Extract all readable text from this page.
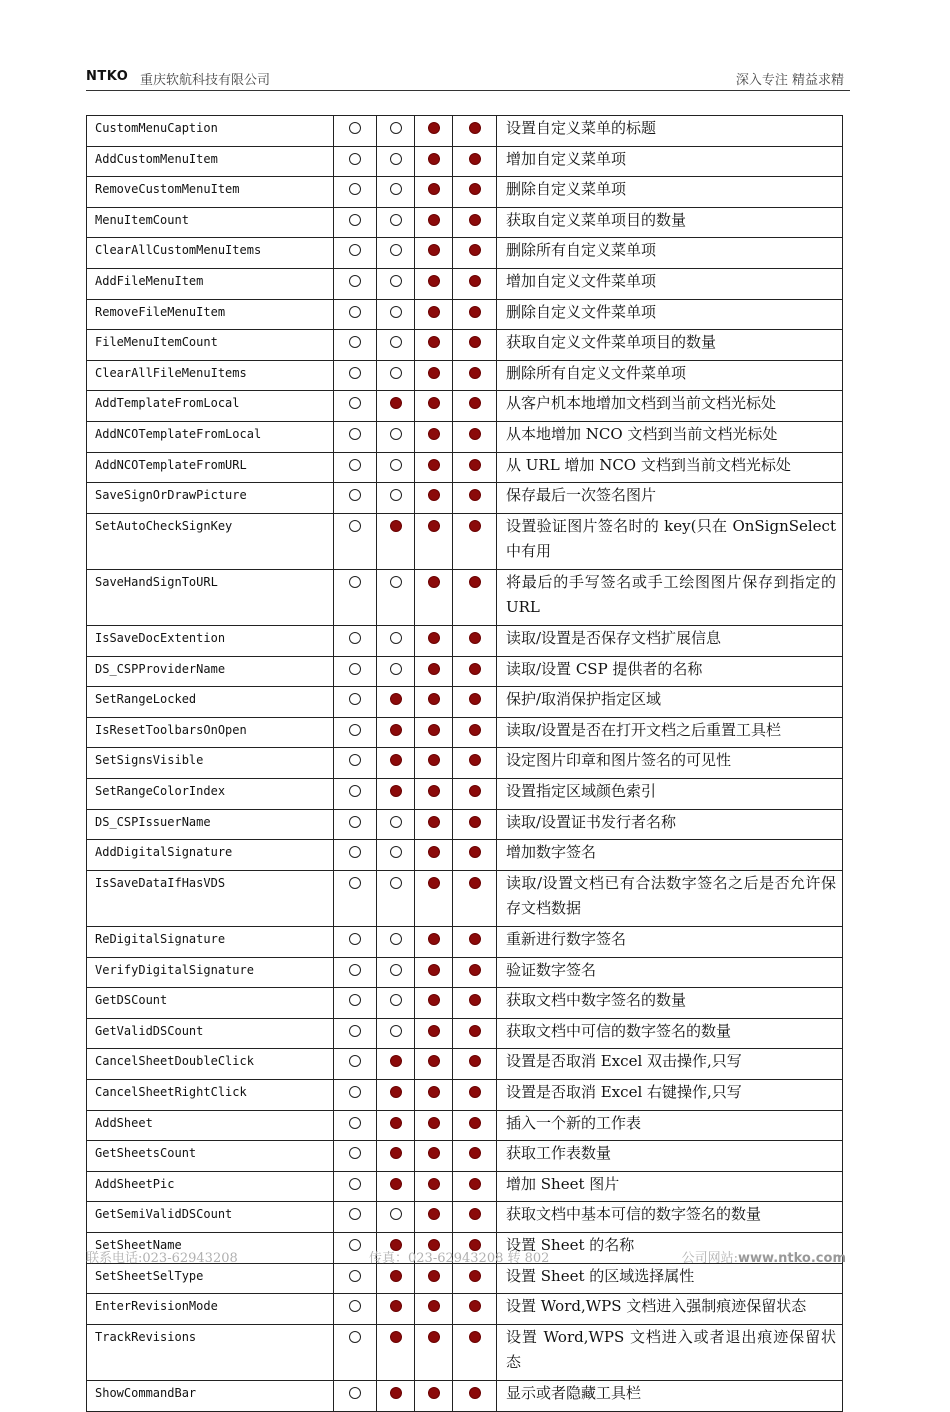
NTKO 重庆软航科技有限公司	深入专注 精益求精
CustomMenuCaption					设置自定义菜单的标题
AddCustomMenuItem					增加自定义菜单项
RemoveCustomMenuItem					删除自定义菜单项
MenuItemCount					获取自定义菜单项目的数量
ClearAllCustomMenuItems					删除所有自定义菜单项
AddFileMenuItem					增加自定义文件菜单项
RemoveFileMenuItem					删除自定义文件菜单项
FileMenuItemCount					获取自定义文件菜单项目的数量
ClearAllFileMenuItems					删除所有自定义文件菜单项
AddTemplateFromLocal					从客户机本地增加文档到当前文档光标处
AddNCOTemplateFromLocal					从本地增加 NCO 文档到当前文档光标处
AddNCOTemplateFromURL					从 URL 增加 NCO 文档到当前文档光标处
SaveSignOrDrawPicture					保存最后一次签名图片
SetAutoCheckSignKey					设置验证图片签名时的 key(只在 OnSignSelect 中有用
SaveHandSignToURL					将最后的手写签名或手工绘图图片保存到指定的 URL
IsSaveDocExtention					读取/设置是否保存文档扩展信息
DS_CSPProviderName					读取/设置 CSP 提供者的名称
SetRangeLocked					保护/取消保护指定区域
IsResetToolbarsOnOpen					读取/设置是否在打开文档之后重置工具栏
SetSignsVisible					设定图片印章和图片签名的可见性
SetRangeColorIndex					设置指定区域颜色索引
DS_CSPIssuerName					读取/设置证书发行者名称
AddDigitalSignature					增加数字签名
IsSaveDataIfHasVDS					读取/设置文档已有合法数字签名之后是否允许保存文档数据
ReDigitalSignature					重新进行数字签名
VerifyDigitalSignature					验证数字签名
GetDSCount					获取文档中数字签名的数量
GetValidDSCount					获取文档中可信的数字签名的数量
CancelSheetDoubleClick					设置是否取消 Excel 双击操作,只写
CancelSheetRightClick					设置是否取消 Excel 右键操作,只写
AddSheet					插入一个新的工作表
GetSheetsCount					获取工作表数量
AddSheetPic					增加 Sheet 图片
GetSemiValidDSCount					获取文档中基本可信的数字签名的数量
SetSheetName					设置 Sheet 的名称
SetSheetSelType					设置 Sheet 的区域选择属性
EnterRevisionMode					设置 Word,WPS 文档进入强制痕迹保留状态
TrackRevisions					设置 Word,WPS 文档进入或者退出痕迹保留状态
ShowCommandBar					显示或者隐藏工具栏
联系电话:023-62943208	传真：023-62943208 转 802	公司网站:www.ntko.com
